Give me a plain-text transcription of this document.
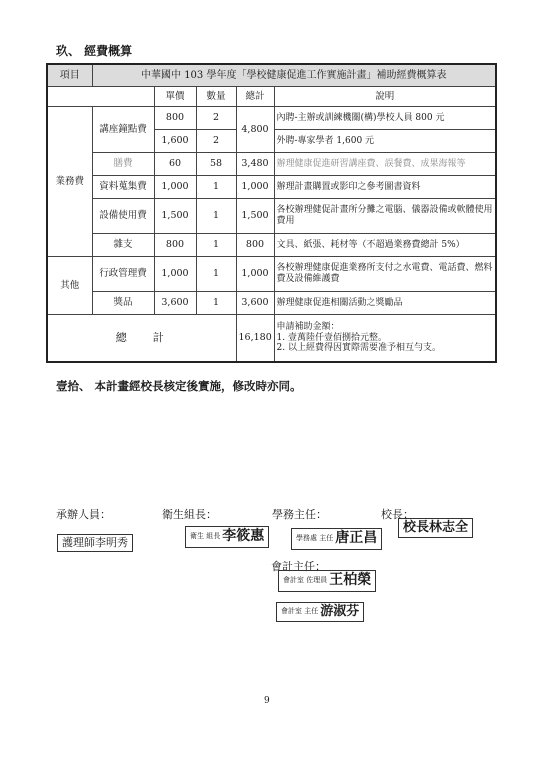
玖、 經費概算
項目	中華國中 103 學年度「學校健康促進工作實施計畫」補助經費概算表				
		單價	數量	總計	說明
業務費	講座鐘點費	800	2	4,800	內聘-主辦或訓練機關(構)學校人員 800 元
		1,600	2		外聘-專家學者 1,600 元
	膳費	60	58	3,480	辦理健康促進研習講座費、誤餐費、成果海報等
	資料蒐集費	1,000	1	1,000	辦理計畫購置或影印之參考圖書資料
	設備使用費	1,500	1	1,500	各校辦理健促計畫所分攤之電腦、儀器設備或軟體使用費用
	雜支	800	1	800	文具、紙張、耗材等（不超過業務費總計 5%）
其他	行政管理費	1,000	1	1,000	各校辦理健康促進業務所支付之水電費、電話費、燃料費及設備維護費
	獎品	3,600	1	3,600	辦理健康促進相關活動之獎勵品
總計				16,180	申請補助金額：
1. 壹萬陸仟壹佰捌拾元整。
2. 以上經費得因實際需要准予相互勻支。
壹拾、 本計畫經校長核定後實施，修改時亦同。
承辦人員：
護理師李明秀
衛生組長：
衛生 組長 李筱惠
學務主任：
學務處 主任 唐正昌
校長：
校長林志全
會計主任：
會計室 佐理員 王柏榮
會計室 主任 游淑芬
9
